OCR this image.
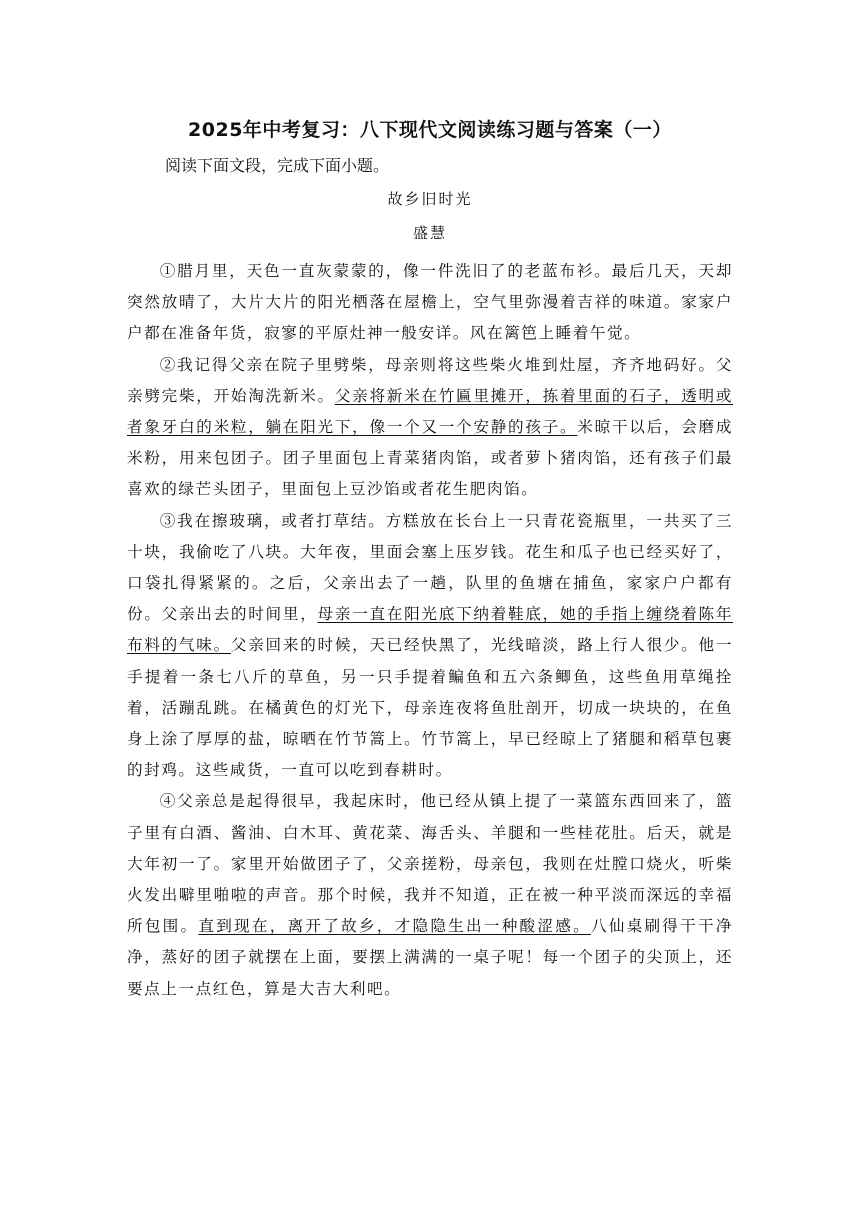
2025年中考复习：八下现代文阅读练习题与答案（一）
阅读下面文段，完成下面小题。
故乡旧时光
盛慧

①腊月里，天色一直灰蒙蒙的，像一件洗旧了的老蓝布衫。最后几天，天却突然放晴了，大片大片的阳光栖落在屋檐上，空气里弥漫着吉祥的味道。家家户户都在准备年货，寂寥的平原灶神一般安详。风在篱笆上睡着午觉。

②我记得父亲在院子里劈柴，母亲则将这些柴火堆到灶屋，齐齐地码好。父亲劈完柴，开始淘洗新米。父亲将新米在竹匾里摊开，拣着里面的石子，透明或者象牙白的米粒，躺在阳光下，像一个又一个安静的孩子。米晾干以后，会磨成米粉，用来包团子。团子里面包上青菜猪肉馅，或者萝卜猪肉馅，还有孩子们最喜欢的绿芒头团子，里面包上豆沙馅或者花生肥肉馅。

③我在擦玻璃，或者打草结。方糕放在长台上一只青花瓷瓶里，一共买了三十块，我偷吃了八块。大年夜，里面会塞上压岁钱。花生和瓜子也已经买好了，口袋扎得紧紧的。之后，父亲出去了一趟，队里的鱼塘在捕鱼，家家户户都有份。父亲出去的时间里，母亲一直在阳光底下纳着鞋底，她的手指上缠绕着陈年布料的气味。父亲回来的时候，天已经快黑了，光线暗淡，路上行人很少。他一手提着一条七八斤的草鱼，另一只手提着鳊鱼和五六条鲫鱼，这些鱼用草绳拴着，活蹦乱跳。在橘黄色的灯光下，母亲连夜将鱼肚剖开，切成一块块的，在鱼身上涂了厚厚的盐，晾晒在竹节篙上。竹节篙上，早已经晾上了猪腿和稻草包裹的封鸡。这些咸货，一直可以吃到春耕时。

④父亲总是起得很早，我起床时，他已经从镇上提了一菜篮东西回来了，篮子里有白酒、酱油、白木耳、黄花菜、海舌头、羊腿和一些桂花肚。后天，就是大年初一了。家里开始做团子了，父亲搓粉，母亲包，我则在灶膛口烧火，听柴火发出噼里啪啦的声音。那个时候，我并不知道，正在被一种平淡而深远的幸福所包围。直到现在，离开了故乡，才隐隐生出一种酸涩感。八仙桌刷得干干净净，蒸好的团子就摆在上面，要摆上满满的一桌子呢！每一个团子的尖顶上，还要点上一点红色，算是大吉大利吧。
